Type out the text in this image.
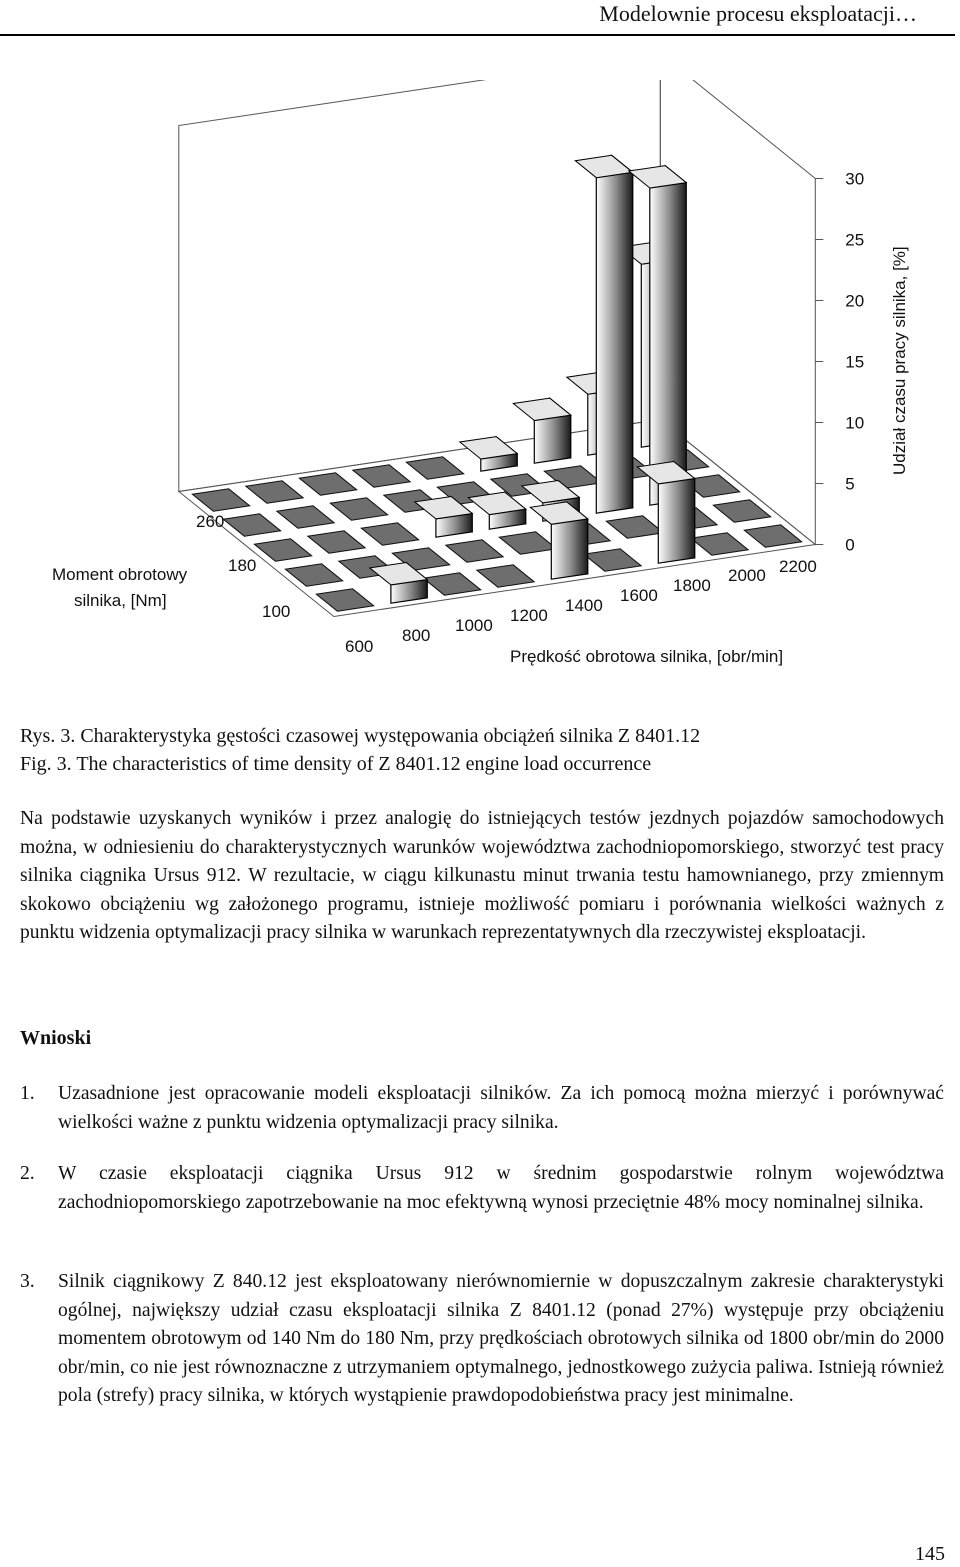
Modelownie procesu eksploatacji…
0
5
10
15
20
25
30
Udział czasu pracy silnika, [%]
600
800
1000
1200
1400
1600
1800
2000 2200
Prędkość obrotowa silnika, [obr/min]
100
180
260
Moment obrotowy
silnika, [Nm]
Rys. 3. Charakterystyka gęstości czasowej występowania obciążeń silnika Z 8401.12
Fig. 3. The characteristics of time density of Z 8401.12 engine load occurrence

Na podstawie uzyskanych wyników i przez analogię do istniejących testów jezdnych pojazdów samochodowych można, w odniesieniu do charakterystycznych warunków województwa zachodniopomorskiego, stworzyć test pracy silnika ciągnika Ursus 912. W rezultacie, w ciągu kilkunastu minut trwania testu hamownianego, przy zmiennym skokowo obciążeniu wg założonego programu, istnieje możliwość pomiaru i porównania wielkości ważnych z punktu widzenia optymalizacji pracy silnika w warunkach reprezentatywnych dla rzeczywistej eksploatacji.

Wnioski
1. Uzasadnione jest opracowanie modeli eksploatacji silników. Za ich pomocą można mierzyć i porównywać wielkości ważne z punktu widzenia optymalizacji pracy silnika.
2. W czasie eksploatacji ciągnika Ursus 912 w średnim gospodarstwie rolnym województwa zachodniopomorskiego zapotrzebowanie na moc efektywną wynosi przeciętnie 48% mocy nominalnej silnika.
3. Silnik ciągnikowy Z 840.12 jest eksploatowany nierównomiernie w dopuszczalnym zakresie charakterystyki ogólnej, największy udział czasu eksploatacji silnika Z 8401.12 (ponad 27%) występuje przy obciążeniu momentem obrotowym od 140 Nm do 180 Nm, przy prędkościach obrotowych silnika od 1800 obr/min do 2000 obr/min, co nie jest równoznaczne z utrzymaniem optymalnego, jednostkowego zużycia paliwa. Istnieją również pola (strefy) pracy silnika, w których wystąpienie prawdopodobieństwa pracy jest minimalne.
145
